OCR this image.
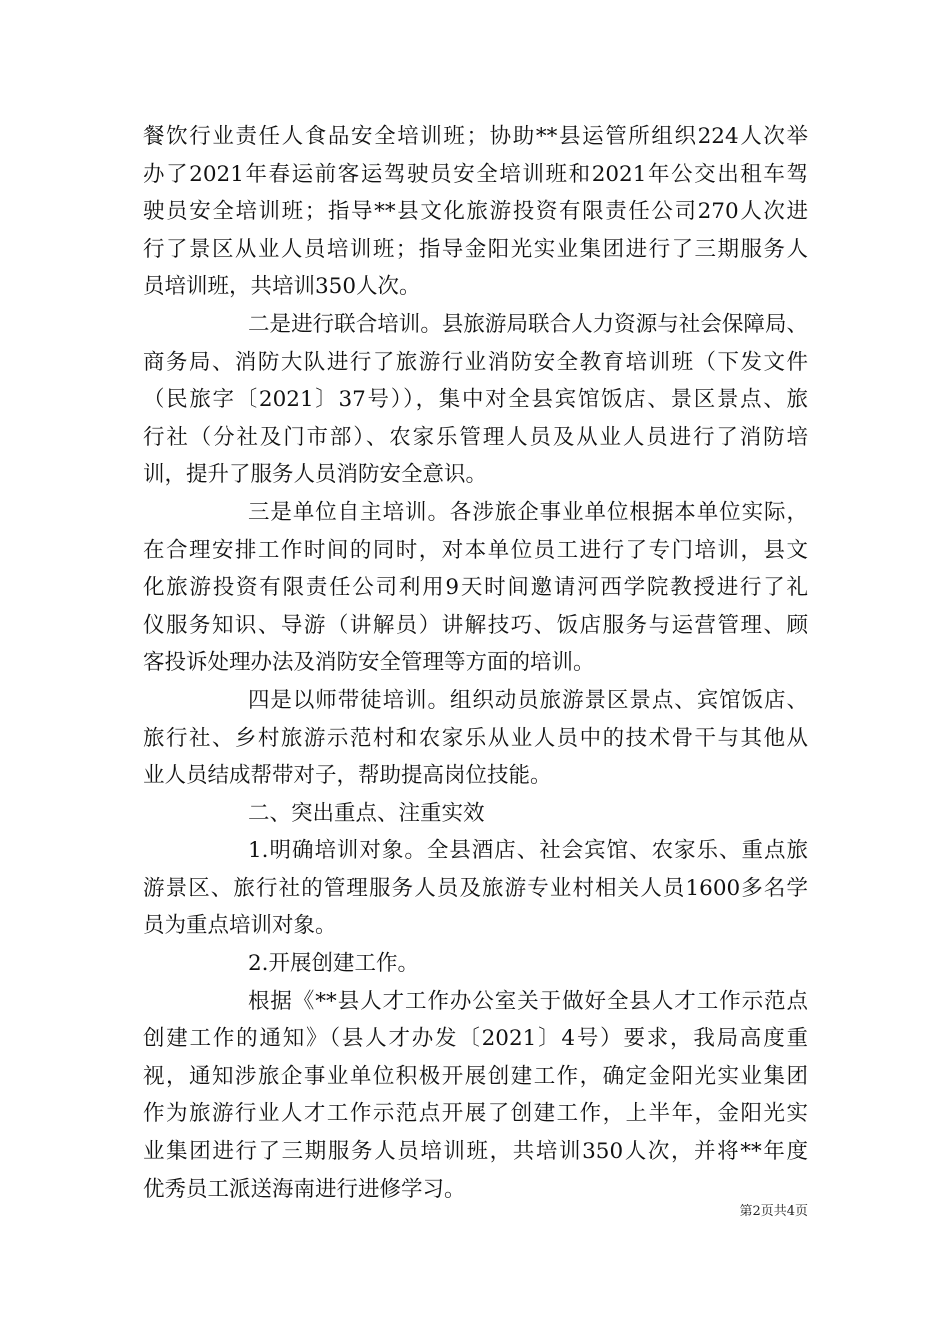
餐饮行业责任人食品安全培训班；协助**县运管所组织224人次举
办了2021年春运前客运驾驶员安全培训班和2021年公交出租车驾
驶员安全培训班；指导**县文化旅游投资有限责任公司270人次进
行了景区从业人员培训班；指导金阳光实业集团进行了三期服务人
员培训班，共培训350人次。
二是进行联合培训。县旅游局联合人力资源与社会保障局、
商务局、消防大队进行了旅游行业消防安全教育培训班（下发文件
（民旅字〔2021〕37号）），集中对全县宾馆饭店、景区景点、旅
行社（分社及门市部）、农家乐管理人员及从业人员进行了消防培
训，提升了服务人员消防安全意识。
三是单位自主培训。各涉旅企事业单位根据本单位实际，
在合理安排工作时间的同时，对本单位员工进行了专门培训，县文
化旅游投资有限责任公司利用9天时间邀请河西学院教授进行了礼
仪服务知识、导游（讲解员）讲解技巧、饭店服务与运营管理、顾
客投诉处理办法及消防安全管理等方面的培训。
四是以师带徒培训。组织动员旅游景区景点、宾馆饭店、
旅行社、乡村旅游示范村和农家乐从业人员中的技术骨干与其他从
业人员结成帮带对子，帮助提高岗位技能。
二、突出重点、注重实效
1.明确培训对象。全县酒店、社会宾馆、农家乐、重点旅
游景区、旅行社的管理服务人员及旅游专业村相关人员1600多名学
员为重点培训对象。
2.开展创建工作。
根据《**县人才工作办公室关于做好全县人才工作示范点
创建工作的通知》（县人才办发〔2021〕4号）要求，我局高度重
视，通知涉旅企事业单位积极开展创建工作，确定金阳光实业集团
作为旅游行业人才工作示范点开展了创建工作，上半年，金阳光实
业集团进行了三期服务人员培训班，共培训350人次，并将**年度
优秀员工派送海南进行进修学习。
第2页共4页
